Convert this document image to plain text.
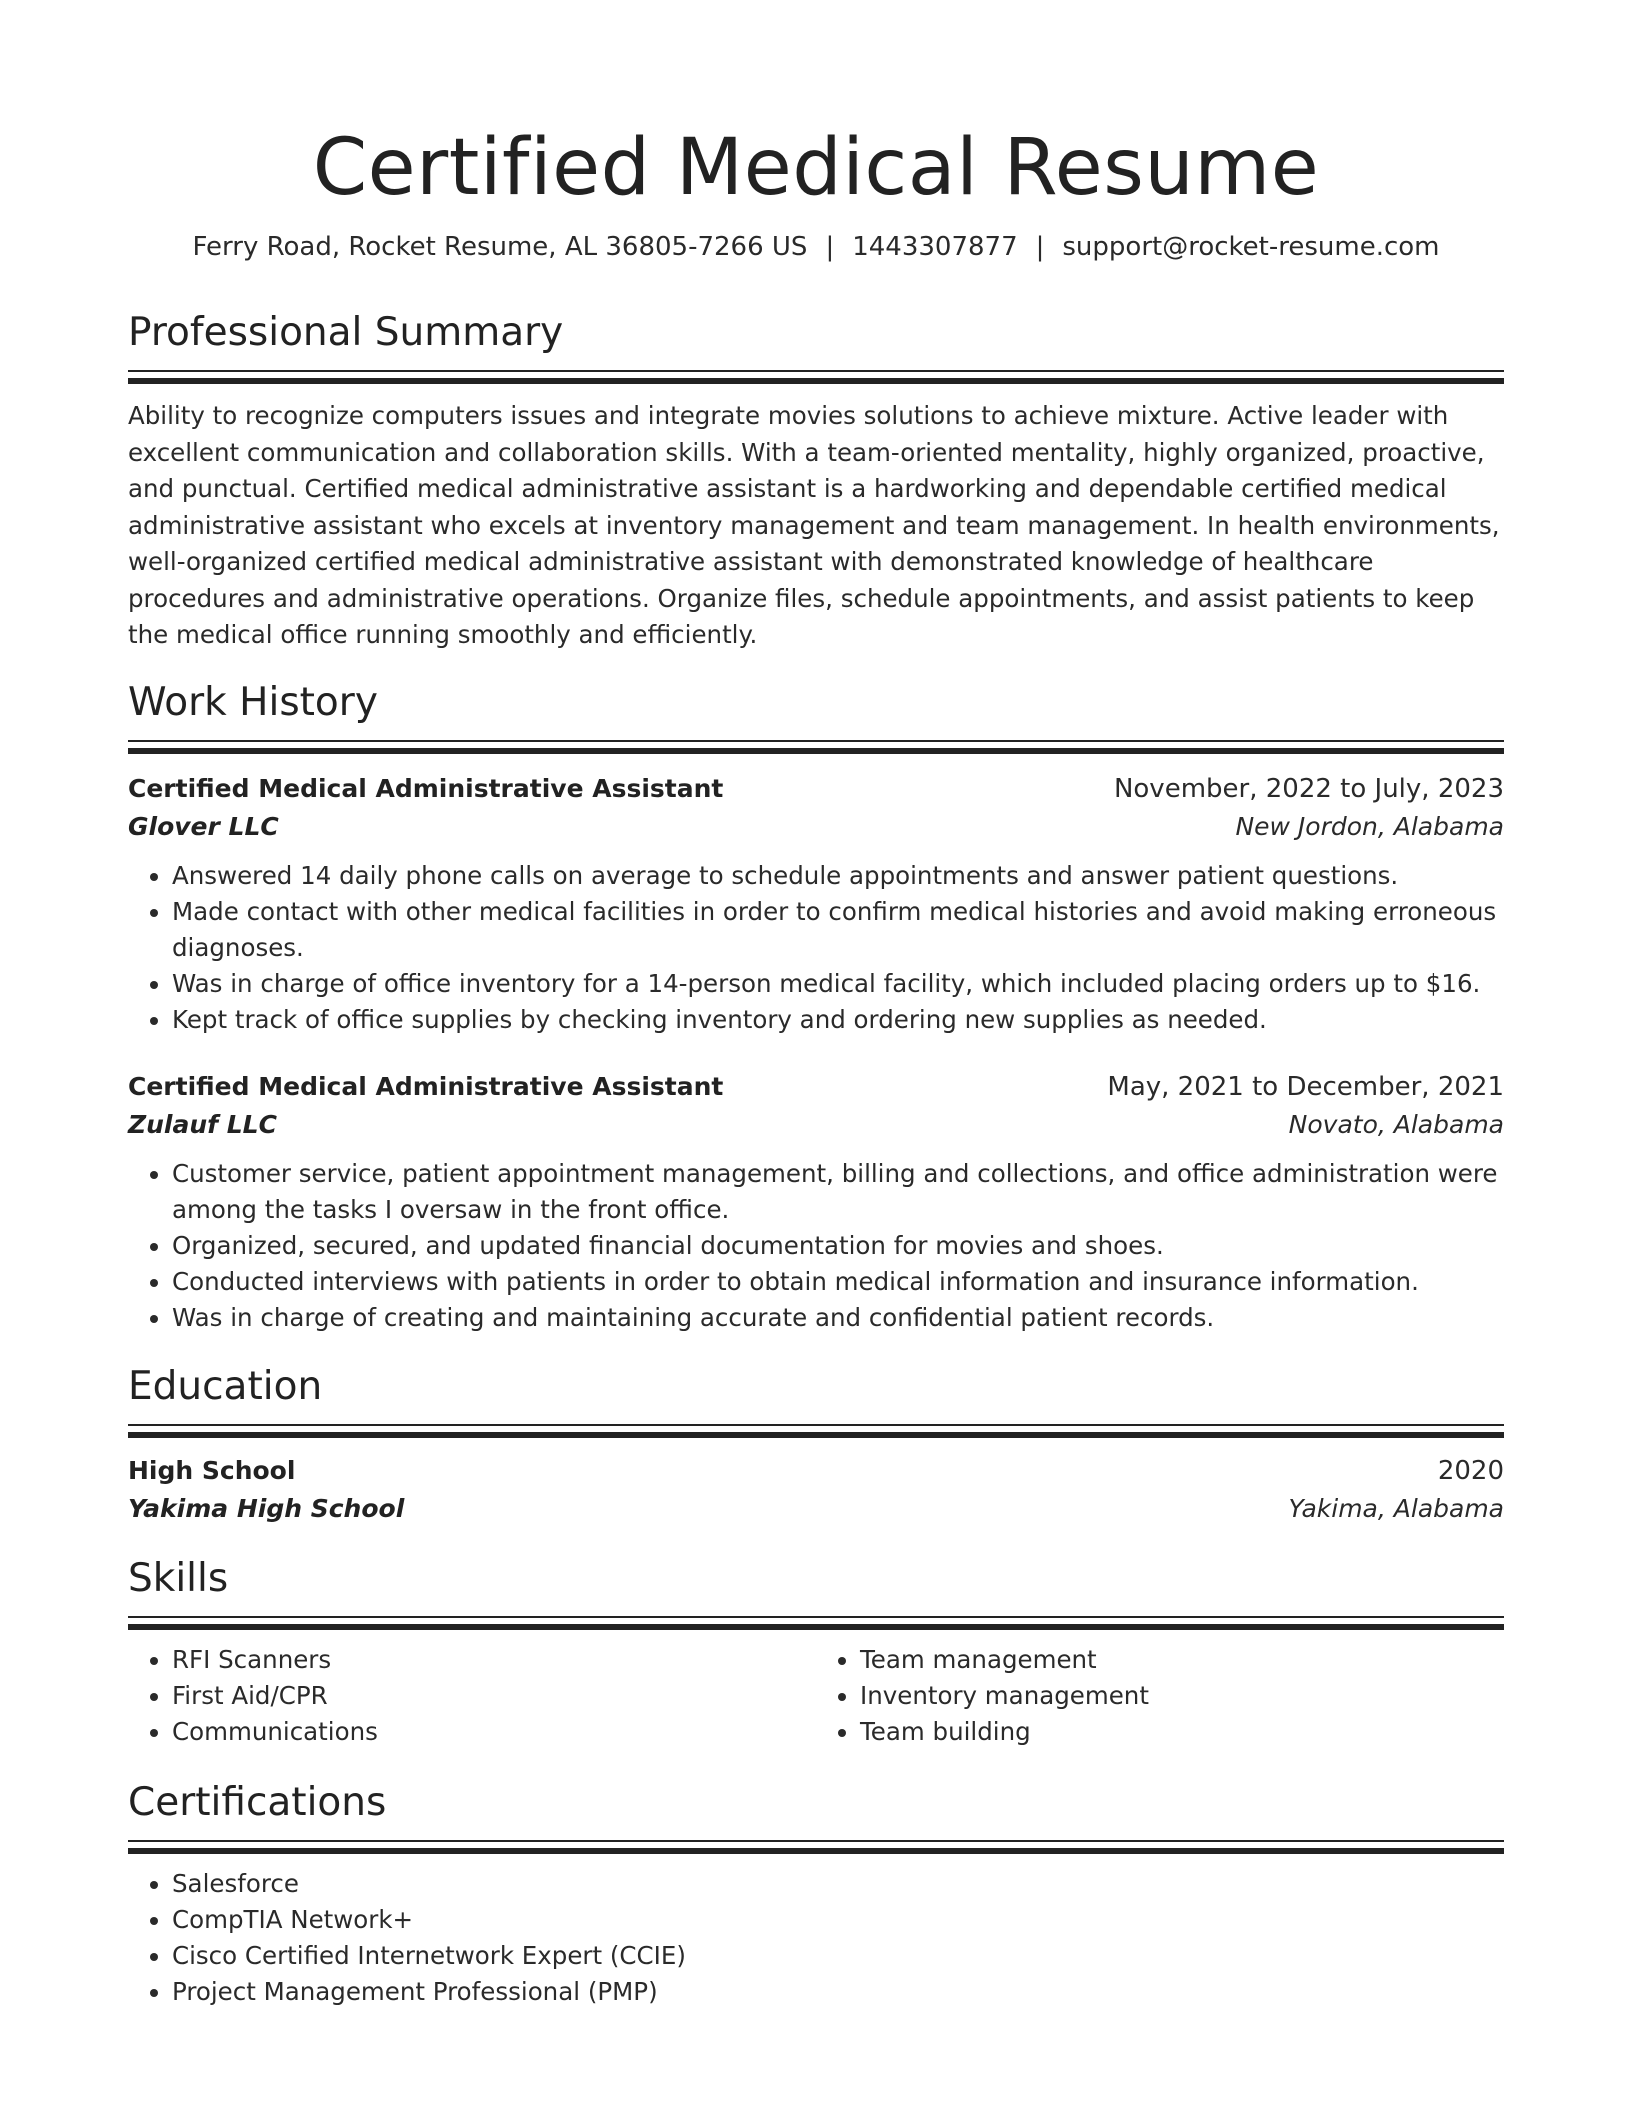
Certified Medical Resume
Ferry Road, Rocket Resume, AL 36805-7266 US | 1443307877 | support@rocket-resume.com
Professional Summary

Ability to recognize computers issues and integrate movies solutions to achieve mixture. Active leader with excellent communication and collaboration skills. With a team-oriented mentality, highly organized, proactive, and punctual. Certified medical administrative assistant is a hardworking and dependable certified medical administrative assistant who excels at inventory management and team management. In health environments, well-organized certified medical administrative assistant with demonstrated knowledge of healthcare procedures and administrative operations. Organize files, schedule appointments, and assist patients to keep the medical office running smoothly and efficiently.

Work History
Certified Medical Administrative Assistant	November, 2022 to July, 2023
Glover LLC	New Jordon, Alabama
• Answered 14 daily phone calls on average to schedule appointments and answer patient questions.
• Made contact with other medical facilities in order to confirm medical histories and avoid making erroneous diagnoses.
• Was in charge of office inventory for a 14-person medical facility, which included placing orders up to $16.
• Kept track of office supplies by checking inventory and ordering new supplies as needed.
Certified Medical Administrative Assistant	May, 2021 to December, 2021
Zulauf LLC	Novato, Alabama
• Customer service, patient appointment management, billing and collections, and office administration were among the tasks I oversaw in the front office.
• Organized, secured, and updated financial documentation for movies and shoes.
• Conducted interviews with patients in order to obtain medical information and insurance information.
• Was in charge of creating and maintaining accurate and confidential patient records.
Education
High School	2020
Yakima High School	Yakima, Alabama
Skills
• RFI Scanners
• First Aid/CPR
• Communications
• Team management
• Inventory management
• Team building
Certifications
• Salesforce
• CompTIA Network+
• Cisco Certified Internetwork Expert (CCIE)
• Project Management Professional (PMP)
